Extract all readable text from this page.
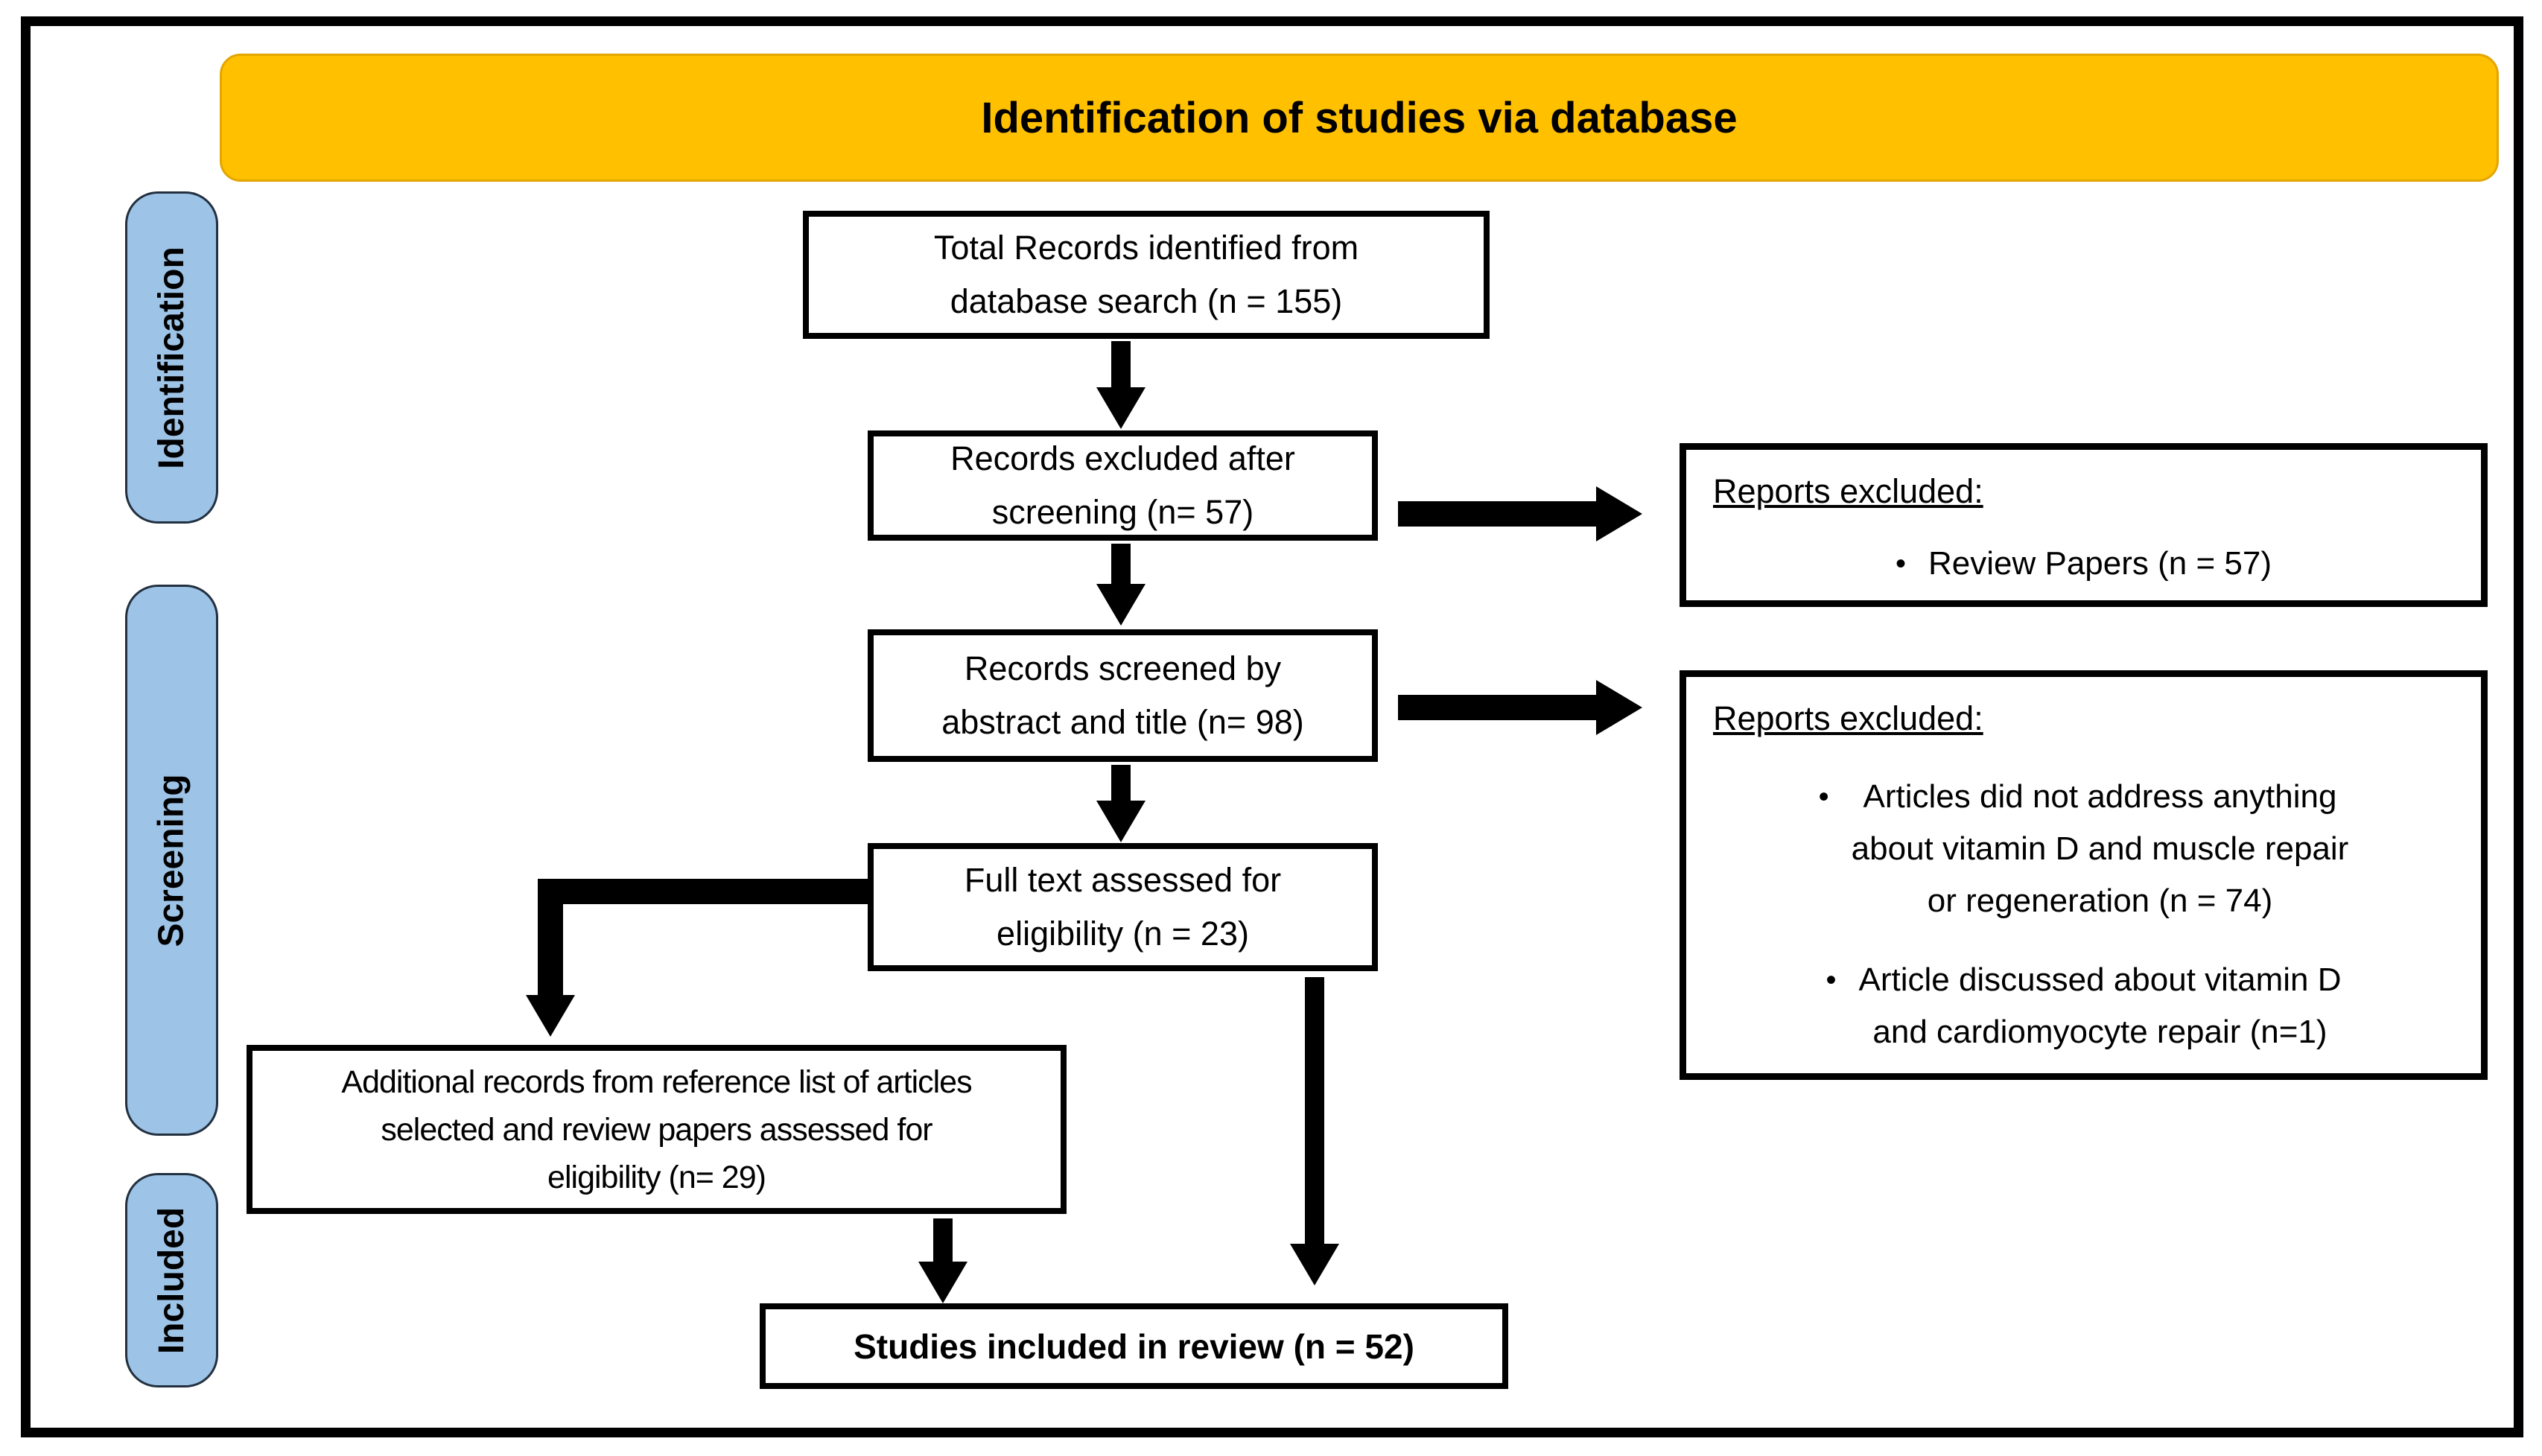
Identification of studies via database
Identification
Screening
Included
Total Records identified from
database search (n = 155)
Records excluded after
screening (n= 57)
Records screened by
abstract and title (n= 98)
Full text assessed for
eligibility (n = 23)
Additional records from reference list of articles
selected and review papers assessed for
eligibility (n= 29)
Studies included in review (n = 52)
Reports excluded:
• Review Papers (n = 57)
Reports excluded:
•	Articles did not address anything
about vitamin D and muscle repair
or regeneration (n = 74)
• Article discussed about vitamin D
and cardiomyocyte repair (n=1)
